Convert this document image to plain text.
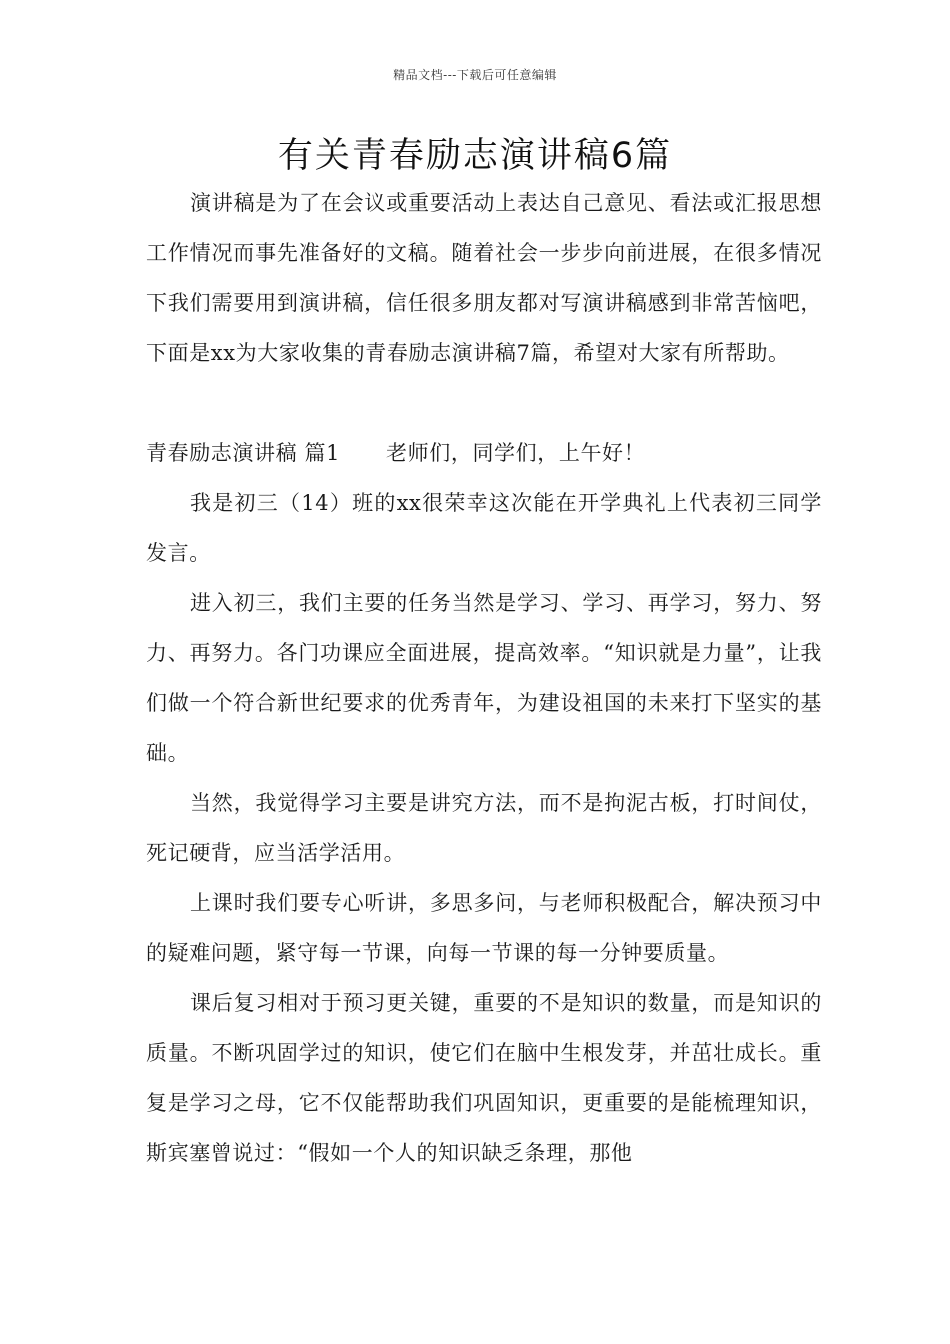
精品文档---下载后可任意编辑
有关青春励志演讲稿6篇

演讲稿是为了在会议或重要活动上表达自己意见、看法或汇报思想工作情况而事先准备好的文稿。随着社会一步步向前进展，在很多情况下我们需要用到演讲稿，信任很多朋友都对写演讲稿感到非常苦恼吧，下面是xx为大家收集的青春励志演讲稿7篇，希望对大家有所帮助。

青春励志演讲稿 篇1 老师们，同学们，上午好！

我是初三（14）班的xx很荣幸这次能在开学典礼上代表初三同学发言。

进入初三，我们主要的任务当然是学习、学习、再学习，努力、努力、再努力。各门功课应全面进展，提高效率。“知识就是力量”，让我们做一个符合新世纪要求的优秀青年，为建设祖国的未来打下坚实的基础。

当然，我觉得学习主要是讲究方法，而不是拘泥古板，打时间仗，死记硬背，应当活学活用。

上课时我们要专心听讲，多思多问，与老师积极配合，解决预习中的疑难问题，紧守每一节课，向每一节课的每一分钟要质量。

课后复习相对于预习更关键，重要的不是知识的数量，而是知识的质量。不断巩固学过的知识，使它们在脑中生根发芽，并茁壮成长。重复是学习之母，它不仅能帮助我们巩固知识，更重要的是能梳理知识，斯宾塞曾说过：“假如一个人的知识缺乏条理，那他
